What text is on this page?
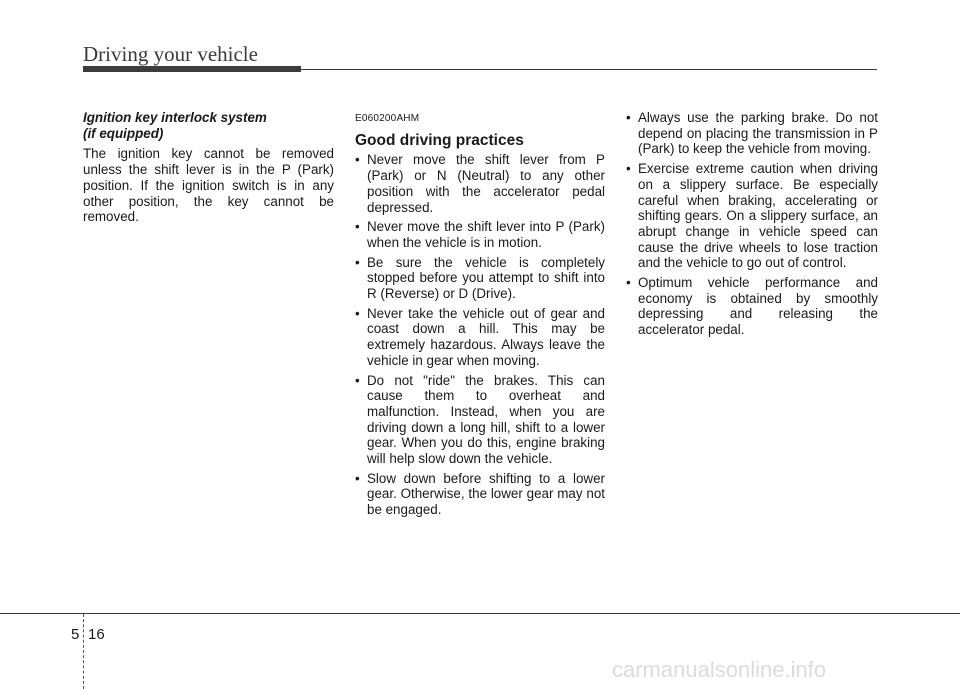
Driving your vehicle
Ignition key interlock system
(if equipped)

The ignition key cannot be removed unless the shift lever is in the P (Park) position. If the ignition switch is in any other position, the key cannot be removed.

E060200AHM
Good driving practices
• Never move the shift lever from P (Park) or N (Neutral) to any other position with the accelerator pedal depressed.
• Never move the shift lever into P (Park) when the vehicle is in motion.
• Be sure the vehicle is completely stopped before you attempt to shift into R (Reverse) or D (Drive).
• Never take the vehicle out of gear and coast down a hill. This may be extremely hazardous. Always leave the vehicle in gear when moving.
• Do not "ride" the brakes. This can cause them to overheat and malfunction. Instead, when you are driving down a long hill, shift to a lower gear. When you do this, engine braking will help slow down the vehicle.
• Slow down before shifting to a lower gear. Otherwise, the lower gear may not be engaged.
• Always use the parking brake. Do not depend on placing the transmission in P (Park) to keep the vehicle from moving.
• Exercise extreme caution when driving on a slippery surface. Be especially careful when braking, accelerating or shifting gears. On a slippery surface, an abrupt change in vehicle speed can cause the drive wheels to lose traction and the vehicle to go out of control.
• Optimum vehicle performance and economy is obtained by smoothly depressing and releasing the accelerator pedal.
5 16
carmanualsonline.info
